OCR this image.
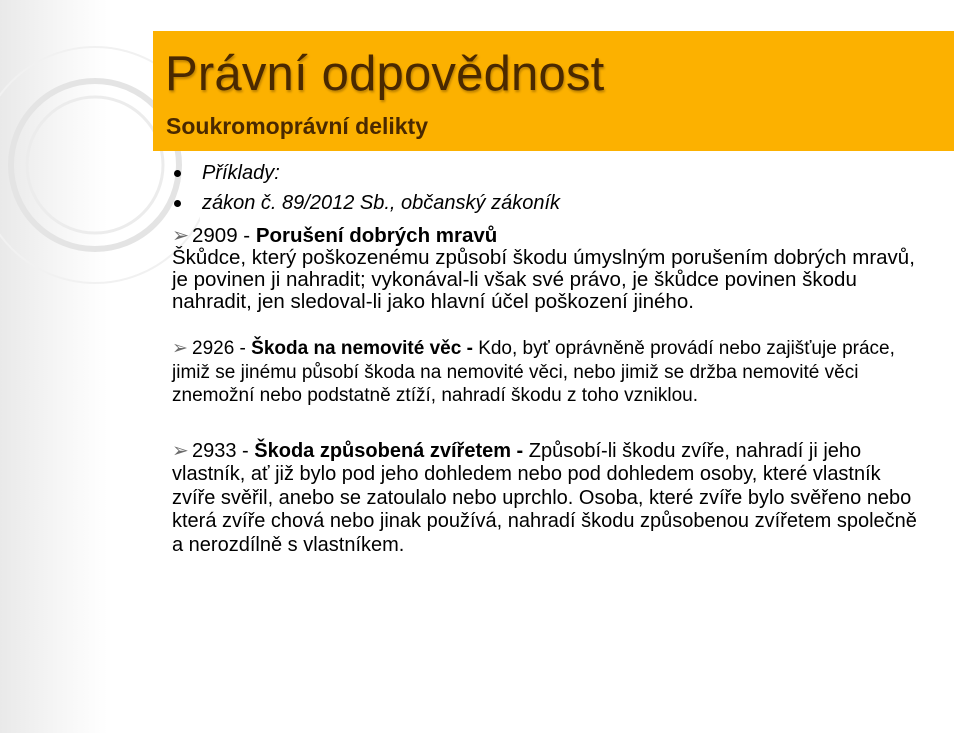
Právní odpovědnost
Soukromoprávní delikty
Příklady:
zákon č. 89/2012 Sb., občanský zákoník

➢ 2909 - Porušení dobrých mravů

Škůdce, který poškozenému způsobí škodu úmyslným porušením dobrých mravů, je povinen ji nahradit; vykonával-li však své právo, je škůdce povinen škodu nahradit, jen sledoval-li jako hlavní účel poškození jiného.

➢ 2926 - Škoda na nemovité věc - Kdo, byť oprávněně provádí nebo zajišťuje práce, jimiž se jinému působí škoda na nemovité věci, nebo jimiž se držba nemovité věci znemožní nebo podstatně ztíží, nahradí škodu z toho vzniklou.

➢ 2933 - Škoda způsobená zvířetem - Způsobí-li škodu zvíře, nahradí ji jeho vlastník, ať již bylo pod jeho dohledem nebo pod dohledem osoby, které vlastník zvíře svěřil, anebo se zatoulalo nebo uprchlo. Osoba, které zvíře bylo svěřeno nebo která zvíře chová nebo jinak používá, nahradí škodu způsobenou zvířetem společně a nerozdílně s vlastníkem.
